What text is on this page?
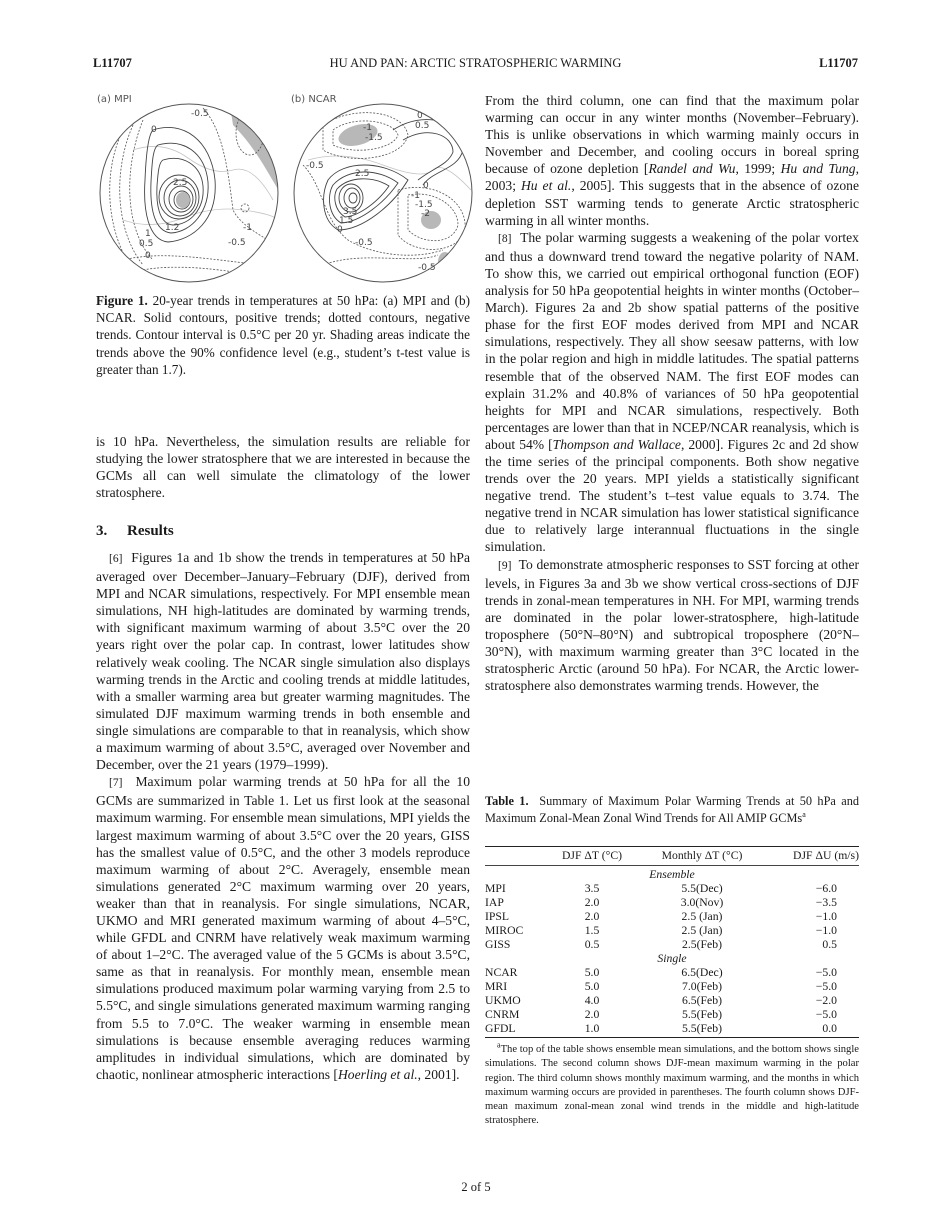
L11707	HU AND PAN: ARCTIC STRATOSPHERIC WARMING	L11707
(a) MPI
-0.5
0
2.5
1.2
1
0.5
0
-1
-0.5
(b) NCAR
0
0.5
-1
-1.5
-0.5
2.5
0
-1
-1.5
-2
3.5
1.5
0
-0.5
-0.5
Figure 1. 20-year trends in temperatures at 50 hPa: (a) MPI and (b) NCAR. Solid contours, positive trends; dotted contours, negative trends. Contour interval is 0.5°C per 20 yr. Shading areas indicate the trends above the 90% confidence level (e.g., student’s t-test value is greater than 1.7).

is 10 hPa. Nevertheless, the simulation results are reliable for studying the lower stratosphere that we are interested in because the GCMs all can well simulate the climatology of the lower stratosphere.

3. Results

[6] Figures 1a and 1b show the trends in temperatures at 50 hPa averaged over December–January–February (DJF), derived from MPI and NCAR simulations, respectively. For MPI ensemble mean simulations, NH high-latitudes are dominated by warming trends, with significant maximum warming of about 3.5°C over the 20 years right over the polar cap. In contrast, lower latitudes show relatively weak cooling. The NCAR single simulation also displays warming trends in the Arctic and cooling trends at middle latitudes, with a smaller warming area but greater warming magnitudes. The simulated DJF maximum warming trends in both ensemble and single simulations are comparable to that in reanalysis, which show a maximum warming of about 3.5°C, averaged over November and December, over the 21 years (1979–1999).

[7] Maximum polar warming trends at 50 hPa for all the 10 GCMs are summarized in Table 1. Let us first look at the seasonal maximum warming. For ensemble mean simulations, MPI yields the largest maximum warming of about 3.5°C over the 20 years, GISS has the smallest value of 0.5°C, and the other 3 models reproduce maximum warming of about 2°C. Averagely, ensemble mean simulations generated 2°C maximum warming over 20 years, weaker than that in reanalysis. For single simulations, NCAR, UKMO and MRI generated maximum warming of about 4–5°C, while GFDL and CNRM have relatively weak maximum warming of about 1–2°C. The averaged value of the 5 GCMs is about 3.5°C, same as that in reanalysis. For monthly mean, ensemble mean simulations produced maximum polar warming varying from 2.5 to 5.5°C, and single simulations generated maximum warming ranging from 5.5 to 7.0°C. The weaker warming in ensemble mean simulations is because ensemble averaging reduces warming amplitudes in individual simulations, which are dominated by chaotic, nonlinear atmospheric interactions [Hoerling et al., 2001].

From the third column, one can find that the maximum polar warming can occur in any winter months (November–February). This is unlike observations in which warming mainly occurs in November and December, and cooling occurs in boreal spring because of ozone depletion [Randel and Wu, 1999; Hu and Tung, 2003; Hu et al., 2005]. This suggests that in the absence of ozone depletion SST warming tends to generate Arctic stratospheric warming in all winter months.

[8] The polar warming suggests a weakening of the polar vortex and thus a downward trend toward the negative polarity of NAM. To show this, we carried out empirical orthogonal function (EOF) analysis for 50 hPa geopotential heights in winter months (October–March). Figures 2a and 2b show spatial patterns of the positive phase for the first EOF modes derived from MPI and NCAR simulations, respectively. They all show seesaw patterns, with low in the polar region and high in middle latitudes. The spatial patterns resemble that of the observed NAM. The first EOF modes can explain 31.2% and 40.8% of variances of 50 hPa geopotential heights for MPI and NCAR simulations, respectively. Both percentages are lower than that in NCEP/NCAR reanalysis, which is about 54% [Thompson and Wallace, 2000]. Figures 2c and 2d show the time series of the principal components. Both show negative trends over the 20 years. MPI yields a statistically significant negative trend. The student’s t–test value equals to 3.74. The negative trend in NCAR simulation has lower statistical significance due to relatively large interannual fluctuations in the single simulation.

[9] To demonstrate atmospheric responses to SST forcing at other levels, in Figures 3a and 3b we show vertical cross-sections of DJF trends in zonal-mean temperatures in NH. For MPI, warming trends are dominated in the polar lower-stratosphere, high-latitude troposphere (50°N–80°N) and subtropical troposphere (20°N–30°N), with maximum warming greater than 3°C located in the stratospheric Arctic (around 50 hPa). For NCAR, the Arctic lower-stratosphere also demonstrates warming trends. However, the

Table 1. Summary of Maximum Polar Warming Trends at 50 hPa and Maximum Zonal-Mean Zonal Wind Trends for All AMIP GCMs$^a$
	DJF ΔT (°C)	Monthly ΔT (°C)	DJF ΔU (m/s)
Ensemble			
MPI	3.5	5.5(Dec)	−6.0
IAP	2.0	3.0(Nov)	−3.5
IPSL	2.0	2.5 (Jan)	−1.0
MIROC	1.5	2.5 (Jan)	−1.0
GISS	0.5	2.5(Feb)	0.5
Single			
NCAR	5.0	6.5(Dec)	−5.0
MRI	5.0	7.0(Feb)	−5.0
UKMO	4.0	6.5(Feb)	−2.0
CNRM	2.0	5.5(Feb)	−5.0
GFDL	1.0	5.5(Feb)	0.0
$^a$The top of the table shows ensemble mean simulations, and the bottom shows single simulations. The second column shows DJF-mean maximum warming in the polar region. The third column shows monthly maximum warming, and the months in which maximum warming occurs are provided in parentheses. The fourth column shows DJF-mean maximum zonal-mean zonal wind trends in the middle and high-latitude stratosphere.
2 of 5
